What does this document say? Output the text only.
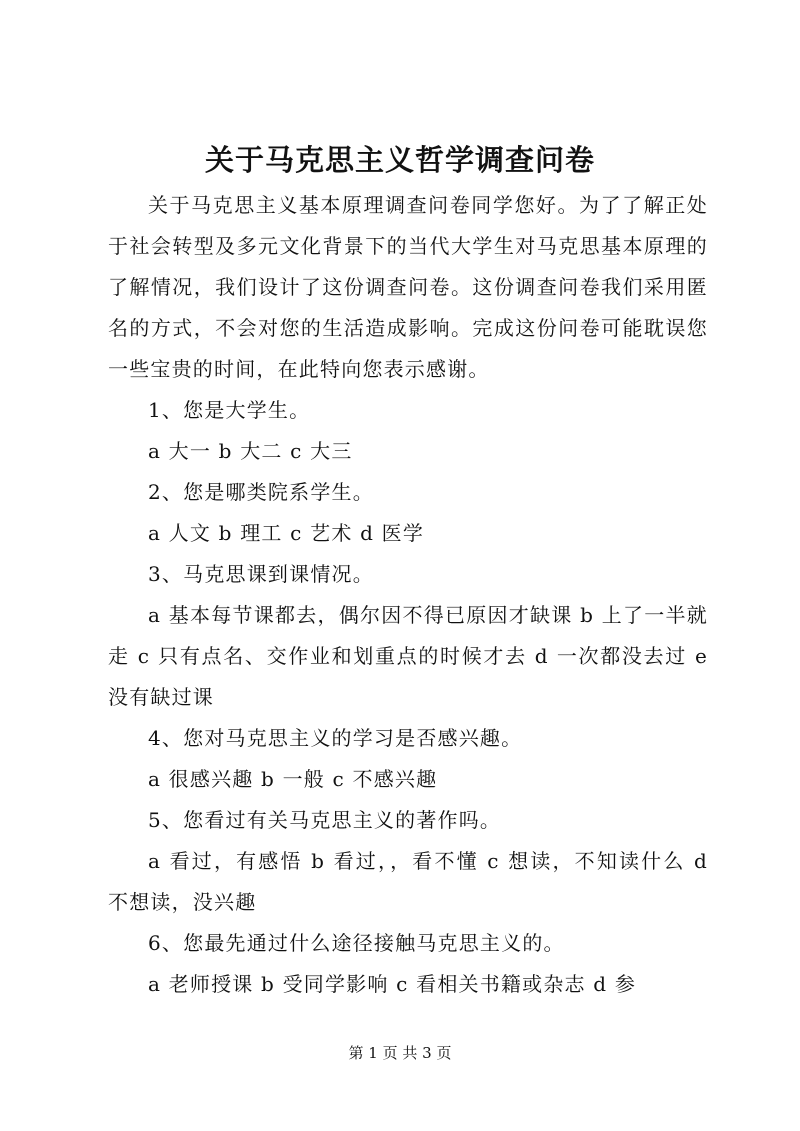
关于马克思主义哲学调查问卷

关于马克思主义基本原理调查问卷同学您好。为了了解正处于社会转型及多元文化背景下的当代大学生对马克思基本原理的了解情况，我们设计了这份调查问卷。这份调查问卷我们采用匿名的方式，不会对您的生活造成影响。完成这份问卷可能耽误您一些宝贵的时间，在此特向您表示感谢。

1、您是大学生。

a 大一 b 大二 c 大三

2、您是哪类院系学生。

a 人文 b 理工 c 艺术 d 医学

3、马克思课到课情况。

a 基本每节课都去，偶尔因不得已原因才缺课 b 上了一半就走 c 只有点名、交作业和划重点的时候才去 d 一次都没去过 e 没有缺过课

4、您对马克思主义的学习是否感兴趣。

a 很感兴趣 b 一般 c 不感兴趣

5、您看过有关马克思主义的著作吗。

a 看过，有感悟 b 看过，，看不懂 c 想读，不知读什么 d 不想读，没兴趣

6、您最先通过什么途径接触马克思主义的。

a 老师授课 b 受同学影响 c 看相关书籍或杂志 d 参

第 1 页 共 3 页
